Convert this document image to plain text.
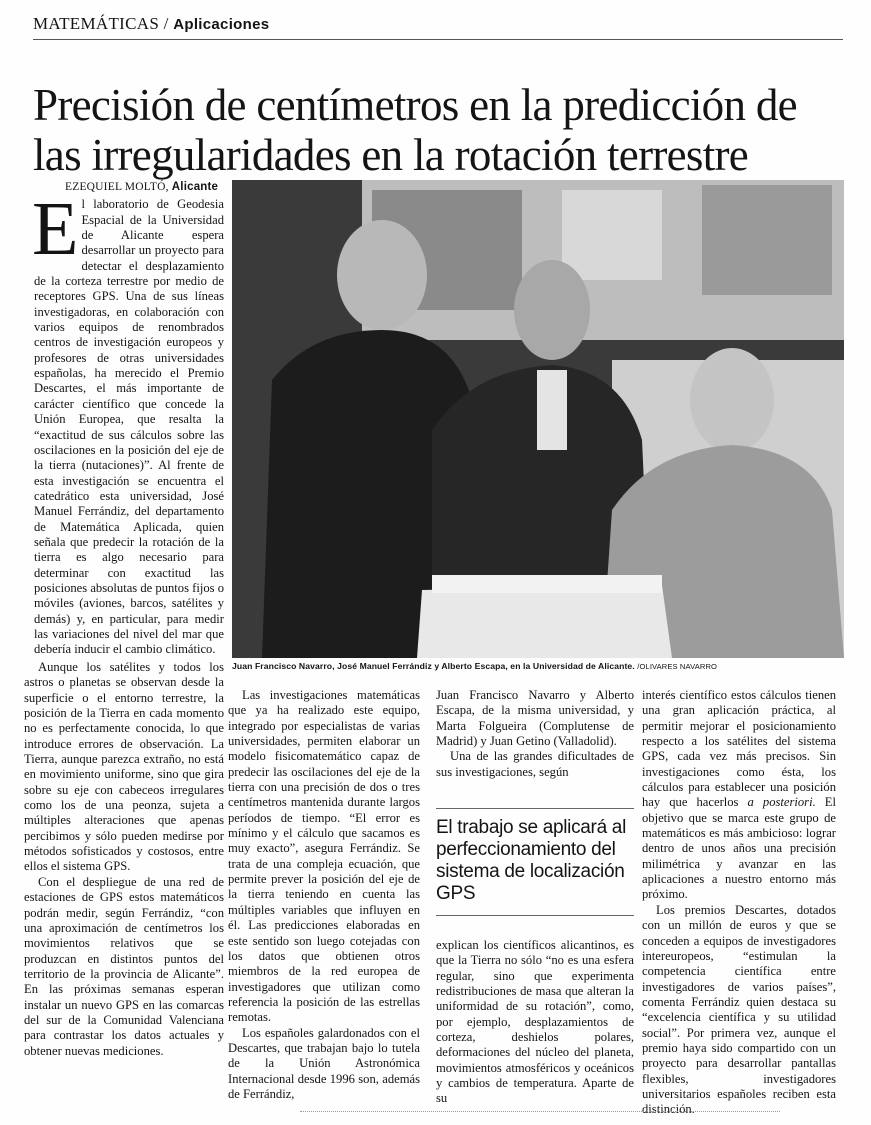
MATEMÁTICAS / Aplicaciones
Precisión de centímetros en la predicción de
las irregularidades en la rotación terrestre
EZEQUIEL MOLTÓ, Alicante
E l laboratorio de Geodesia Espacial de la Universidad de Alicante espera desarrollar un proyecto para detectar el desplazamiento de la corteza terrestre por medio de receptores GPS. Una de sus líneas investigadoras, en colaboración con varios equipos de renombrados centros de investigación europeos y profesores de otras universidades españolas, ha merecido el Premio Descartes, el más importante de carácter científico que concede la Unión Europea, que resalta la “exactitud de sus cálculos sobre las oscilaciones en la posición del eje de la tierra (nutaciones)”. Al frente de esta investigación se encuentra el catedrático esta universidad, José Manuel Ferrándiz, del departamento de Matemática Aplicada, quien señala que predecir la rotación de la tierra es algo necesario para determinar con exactitud las posiciones absolutas de puntos fijos o móviles (aviones, barcos, satélites y demás) y, en particular, para medir las variaciones del nivel del mar que debería inducir el cambio climático.

Aunque los satélites y todos los astros o planetas se observan desde la superficie o el entorno terrestre, la posición de la Tierra en cada momento no es perfectamente conocida, lo que introduce errores de observación. La Tierra, aunque parezca extraño, no está en movimiento uniforme, sino que gira sobre su eje con cabeceos irregulares como los de una peonza, sujeta a múltiples alteraciones que apenas percibimos y sólo pueden medirse por métodos sofisticados y costosos, entre ellos el sistema GPS.

Con el despliegue de una red de estaciones de GPS estos matemáticos podrán medir, según Ferrándiz, “con una aproximación de centímetros los movimientos relativos que se produzcan en distintos puntos del territorio de la provincia de Alicante”. En las próximas semanas esperan instalar un nuevo GPS en las comarcas del sur de la Comunidad Valenciana para contrastar los datos actuales y obtener nuevas mediciones.

Juan Francisco Navarro, José Manuel Ferrándiz y Alberto Escapa, en la Universidad de Alicante. /OLIVARES NAVARRO

Las investigaciones matemáticas que ya ha realizado este equipo, integrado por especialistas de varias universidades, permiten elaborar un modelo fisicomatemático capaz de predecir las oscilaciones del eje de la tierra con una precisión de dos o tres centímetros mantenida durante largos períodos de tiempo. “El error es mínimo y el cálculo que sacamos es muy exacto”, asegura Ferrándiz. Se trata de una compleja ecuación, que permite prever la posición del eje de la tierra teniendo en cuenta las múltiples variables que influyen en él. Las predicciones elaboradas en este sentido son luego cotejadas con los datos que obtienen otros miembros de la red europea de investigadores que utilizan como referencia la posición de las estrellas remotas.

Los españoles galardonados con el Descartes, que trabajan bajo lo tutela de la Unión Astronómica Internacional desde 1996 son, además de Ferrándiz,

Juan Francisco Navarro y Alberto Escapa, de la misma universidad, y Marta Folgueira (Complutense de Madrid) y Juan Getino (Valladolid).

Una de las grandes dificultades de sus investigaciones, según

El trabajo se aplicará al perfeccionamiento del sistema de localización GPS

explican los científicos alicantinos, es que la Tierra no sólo “no es una esfera regular, sino que experimenta redistribuciones de masa que alteran la uniformidad de su rotación”, como, por ejemplo, desplazamientos de corteza, deshielos polares, deformaciones del núcleo del planeta, movimientos atmosféricos y oceánicos y cambios de temperatura. Aparte de su

interés científico estos cálculos tienen una gran aplicación práctica, al permitir mejorar el posicionamiento respecto a los satélites del sistema GPS, cada vez más precisos. Sin investigaciones como ésta, los cálculos para establecer una posición hay que hacerlos a posteriori. El objetivo que se marca este grupo de matemáticos es más ambicioso: lograr dentro de unos años una precisión milimétrica y avanzar en las aplicaciones a nuestro entorno más próximo.

Los premios Descartes, dotados con un millón de euros y que se conceden a equipos de investigadores intereuropeos, “estimulan la competencia científica entre investigadores de varios países”, comenta Ferrándiz quien destaca su “excelencia científica y su utilidad social”. Por primera vez, aunque el premio haya sido compartido con un proyecto para desarrollar pantallas flexibles, investigadores universitarios españoles reciben esta distinción.
